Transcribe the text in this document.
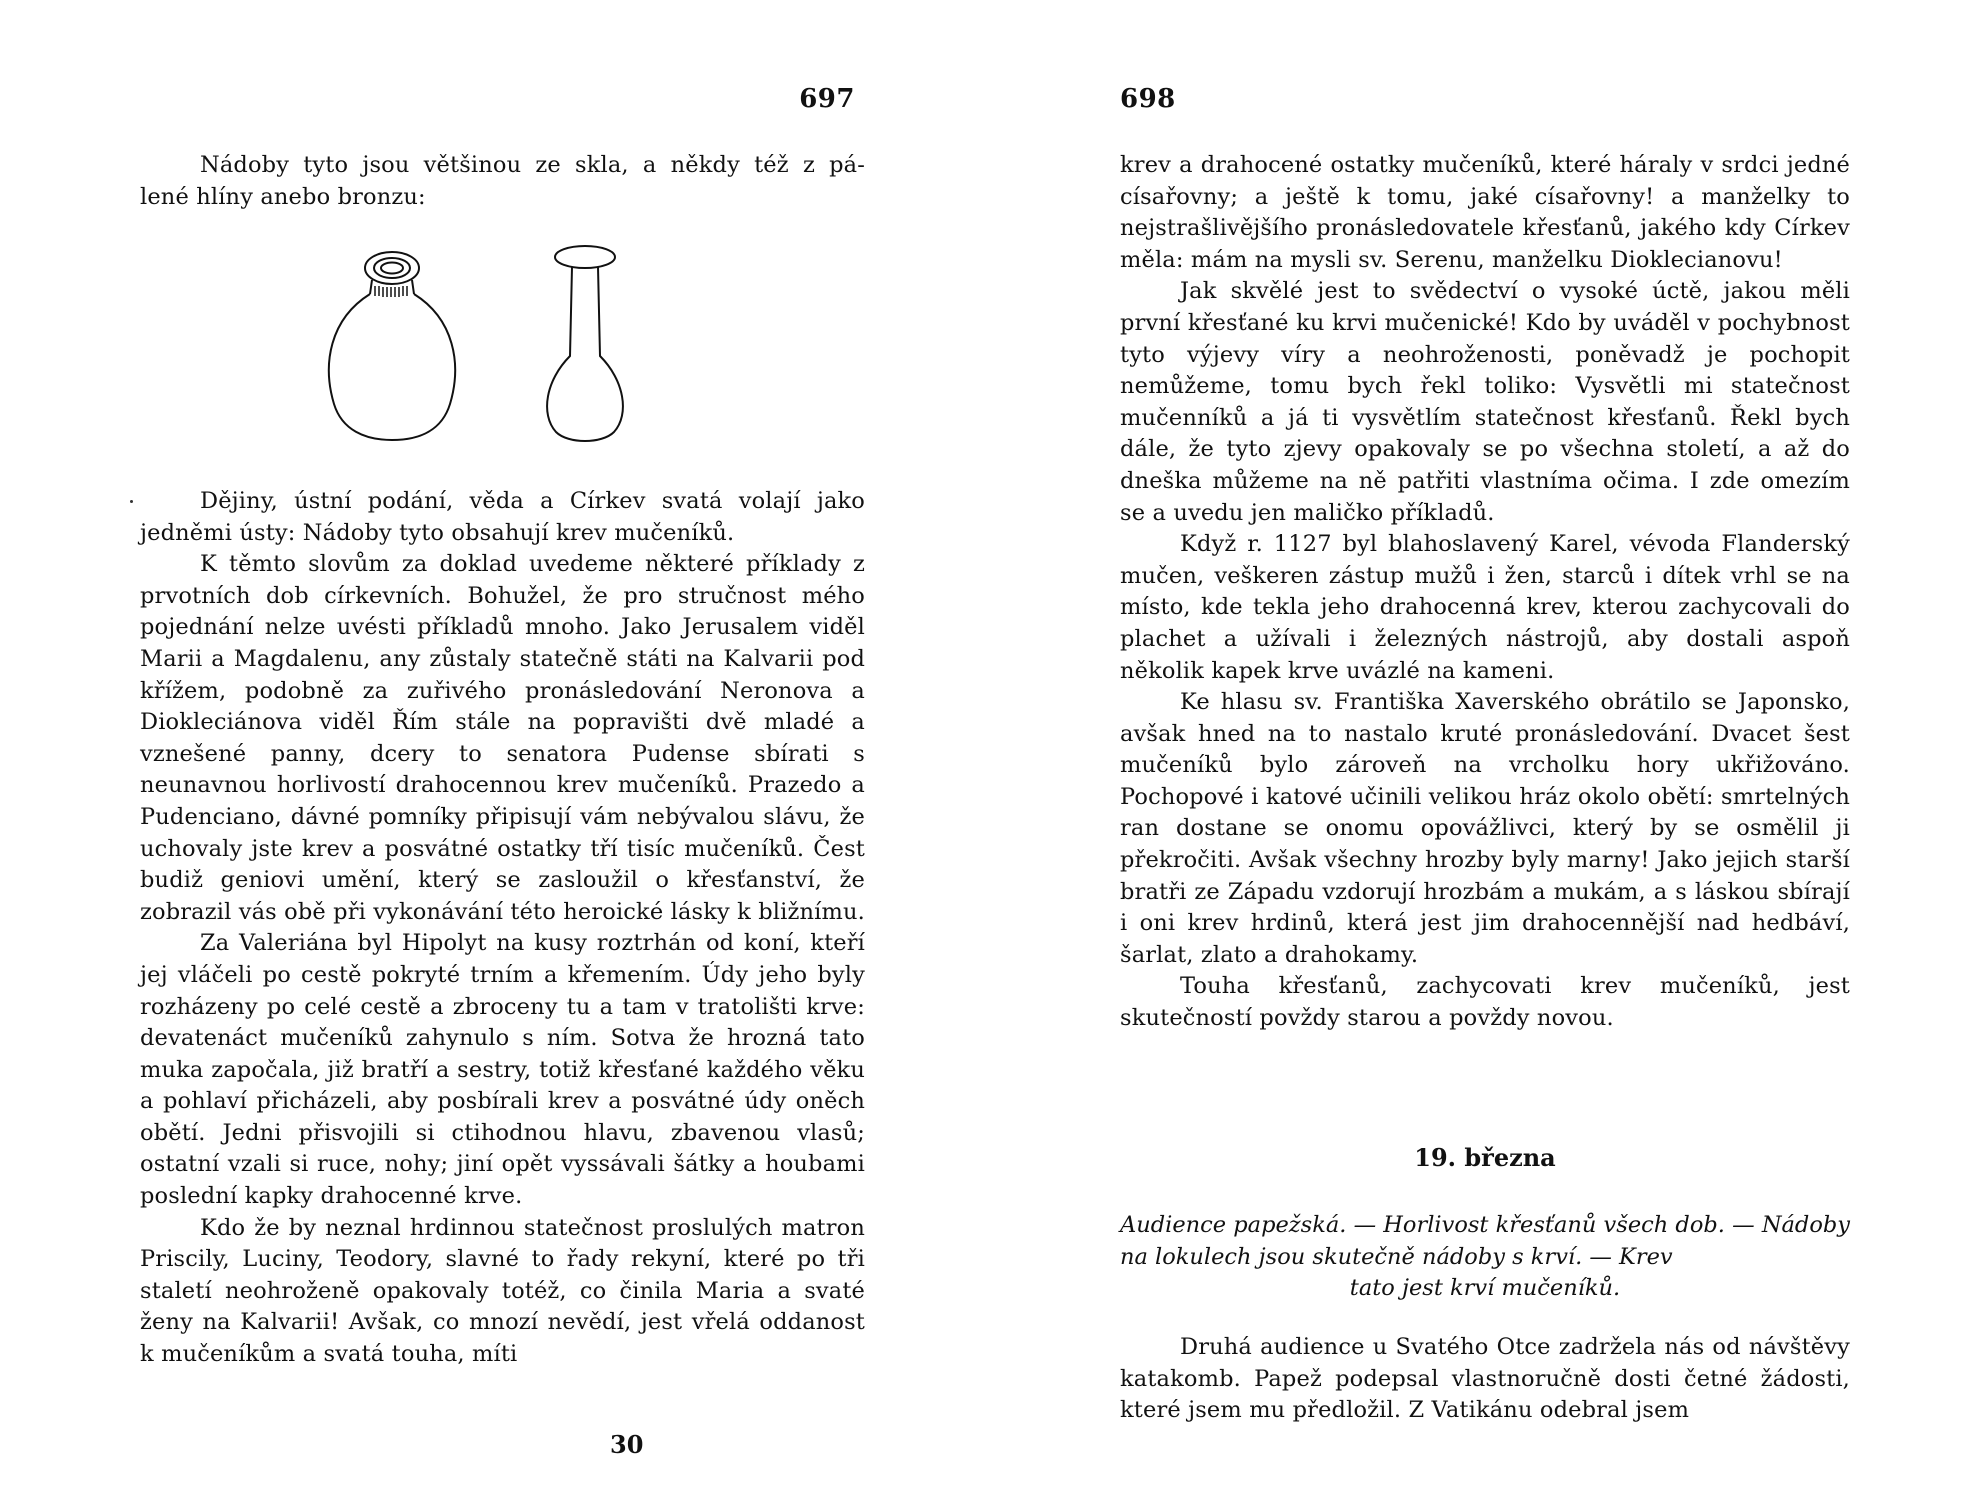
697

Nádoby tyto jsou většinou ze skla, a někdy též z pá-

lené hlíny anebo bronzu:

Dějiny, ústní podání, věda a Církev svatá volají jako jedněmi ústy: Nádoby tyto obsahují krev mučeníků.

K těmto slovům za doklad uvedeme některé příklady z prvotních dob církevních. Bohužel, že pro stručnost mého pojednání nelze uvésti příkladů mnoho. Jako Jerusalem viděl Marii a Magdalenu, any zůstaly statečně státi na Kalvarii pod křížem, podobně za zuřivého pronásledování Neronova a Diokleciánova viděl Řím stále na popravišti dvě mladé a vznešené panny, dcery to senatora Pudense sbírati s neunavnou horlivostí drahocennou krev mučeníků. Prazedo a Pudenciano, dávné pomníky připisují vám nebývalou slávu, že uchovaly jste krev a posvátné ostatky tří tisíc mučeníků. Čest budiž geniovi umění, který se zasloužil o křesťanství, že zobrazil vás obě při vykonávání této heroické lásky k bližnímu.

Za Valeriána byl Hipolyt na kusy roztrhán od koní, kteří jej vláčeli po cestě pokryté trním a křemením. Údy jeho byly rozházeny po celé cestě a zbroceny tu a tam v tratolišti krve: devatenáct mučeníků zahynulo s ním. Sotva že hrozná tato muka započala, již bratří a sestry, totiž křesťané každého věku a pohlaví přicházeli, aby posbírali krev a posvátné údy oněch obětí. Jedni přisvojili si ctihodnou hlavu, zbavenou vlasů; ostatní vzali si ruce, nohy; jiní opět vyssávali šátky a houbami poslední kapky drahocenné krve.

Kdo že by neznal hrdinnou statečnost proslulých matron Priscily, Luciny, Teodory, slavné to řady rekyní, které po tři staletí neohroženě opakovaly totéž, co činila Maria a svaté ženy na Kalvarii! Avšak, co mnozí nevědí, jest vřelá oddanost k mučeníkům a svatá touha, míti

30
698

krev a drahocené ostatky mučeníků, které háraly v srdci jedné císařovny; a ještě k tomu, jaké císařovny! a manželky to nejstrašlivějšího pronásledovatele křesťanů, jakého kdy Církev měla: mám na mysli sv. Serenu, manželku Dioklecianovu!

Jak skvělé jest to svědectví o vysoké úctě, jakou měli první křesťané ku krvi mučenické! Kdo by uváděl v pochybnost tyto výjevy víry a neohroženosti, poněvadž je pochopit nemůžeme, tomu bych řekl toliko: Vysvětli mi statečnost mučenníků a já ti vysvětlím statečnost křesťanů. Řekl bych dále, že tyto zjevy opakovaly se po všechna století, a až do dneška můžeme na ně patřiti vlastníma očima. I zde omezím se a uvedu jen maličko příkladů.

Když r. 1127 byl blahoslavený Karel, vévoda Flanderský mučen, veškeren zástup mužů i žen, starců i dítek vrhl se na místo, kde tekla jeho drahocenná krev, kterou zachycovali do plachet a užívali i železných nástrojů, aby dostali aspoň několik kapek krve uvázlé na kameni.

Ke hlasu sv. Františka Xaverského obrátilo se Japonsko, avšak hned na to nastalo kruté pronásledování. Dvacet šest mučeníků bylo zároveň na vrcholku hory ukřižováno. Pochopové i katové učinili velikou hráz okolo obětí: smrtelných ran dostane se onomu opovážlivci, který by se osmělil ji překročiti. Avšak všechny hrozby byly marny! Jako jejich starší bratři ze Západu vzdorují hrozbám a mukám, a s láskou sbírají i oni krev hrdinů, která jest jim drahocennější nad hedbáví, šarlat, zlato a drahokamy.

Touha křesťanů, zachycovati krev mučeníků, jest skutečností povždy starou a povždy novou.

19. března
Audience papežská. — Horlivost křesťanů všech dob. — Nádoby na lokulech jsou skutečně nádoby s krví. — Krev
tato jest krví mučeníků.

Druhá audience u Svatého Otce zadržela nás od návštěvy katakomb. Papež podepsal vlastnoručně dosti četné žádosti, které jsem mu předložil. Z Vatikánu odebral jsem
